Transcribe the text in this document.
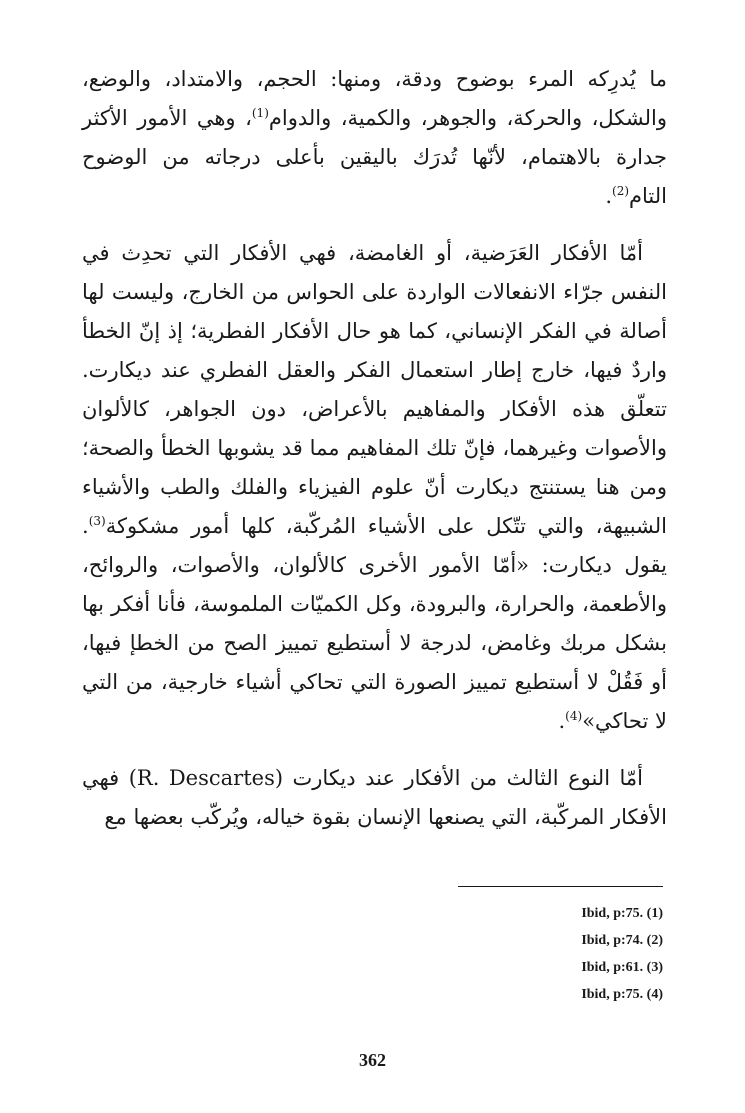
ما يُدرِكه المرء بوضوح ودقة، ومنها: الحجم، والامتداد، والوضع، والشكل، والحركة، والجوهر، والكمية، والدوام$^{(1)}$، وهي الأمور الأكثر جدارة بالاهتمام، لأنّها تُدرَك باليقين بأعلى درجاته من الوضوح التام$^{(2)}$.

أمّا الأفكار العَرَضية، أو الغامضة، فهي الأفكار التي تحدِث في النفس جرّاء الانفعالات الواردة على الحواس من الخارج، وليست لها أصالة في الفكر الإنساني، كما هو حال الأفكار الفطرية؛ إذ إنّ الخطأ واردٌ فيها، خارج إطار استعمال الفكر والعقل الفطري عند ديكارت. تتعلّق هذه الأفكار والمفاهيم بالأعراض، دون الجواهر، كالألوان والأصوات وغيرهما، فإنّ تلك المفاهيم مما قد يشوبها الخطأ والصحة؛ ومن هنا يستنتج ديكارت أنّ علوم الفيزياء والفلك والطب والأشياء الشبيهة، والتي تتّكل على الأشياء المُركّبة، كلها أمور مشكوكة$^{(3)}$. يقول ديكارت: «أمّا الأمور الأخرى كالألوان، والأصوات، والروائح، والأطعمة، والحرارة، والبرودة، وكل الكميّات الملموسة، فأنا أفكر بها بشكل مربك وغامض، لدرجة لا أستطيع تمييز الصح من الخطإ فيها، أو فَقُلْ لا أستطيع تمييز الصورة التي تحاكي أشياء خارجية، من التي لا تحاكي»$^{(4)}$.

أمّا النوع الثالث من الأفكار عند ديكارت (R. Descartes) فهي الأفكار المركّبة، التي يصنعها الإنسان بقوة خياله، ويُركّب بعضها مع

Ibid, p:75. (1)
Ibid, p:74. (2)
Ibid, p:61. (3)
Ibid, p:75. (4)
362
